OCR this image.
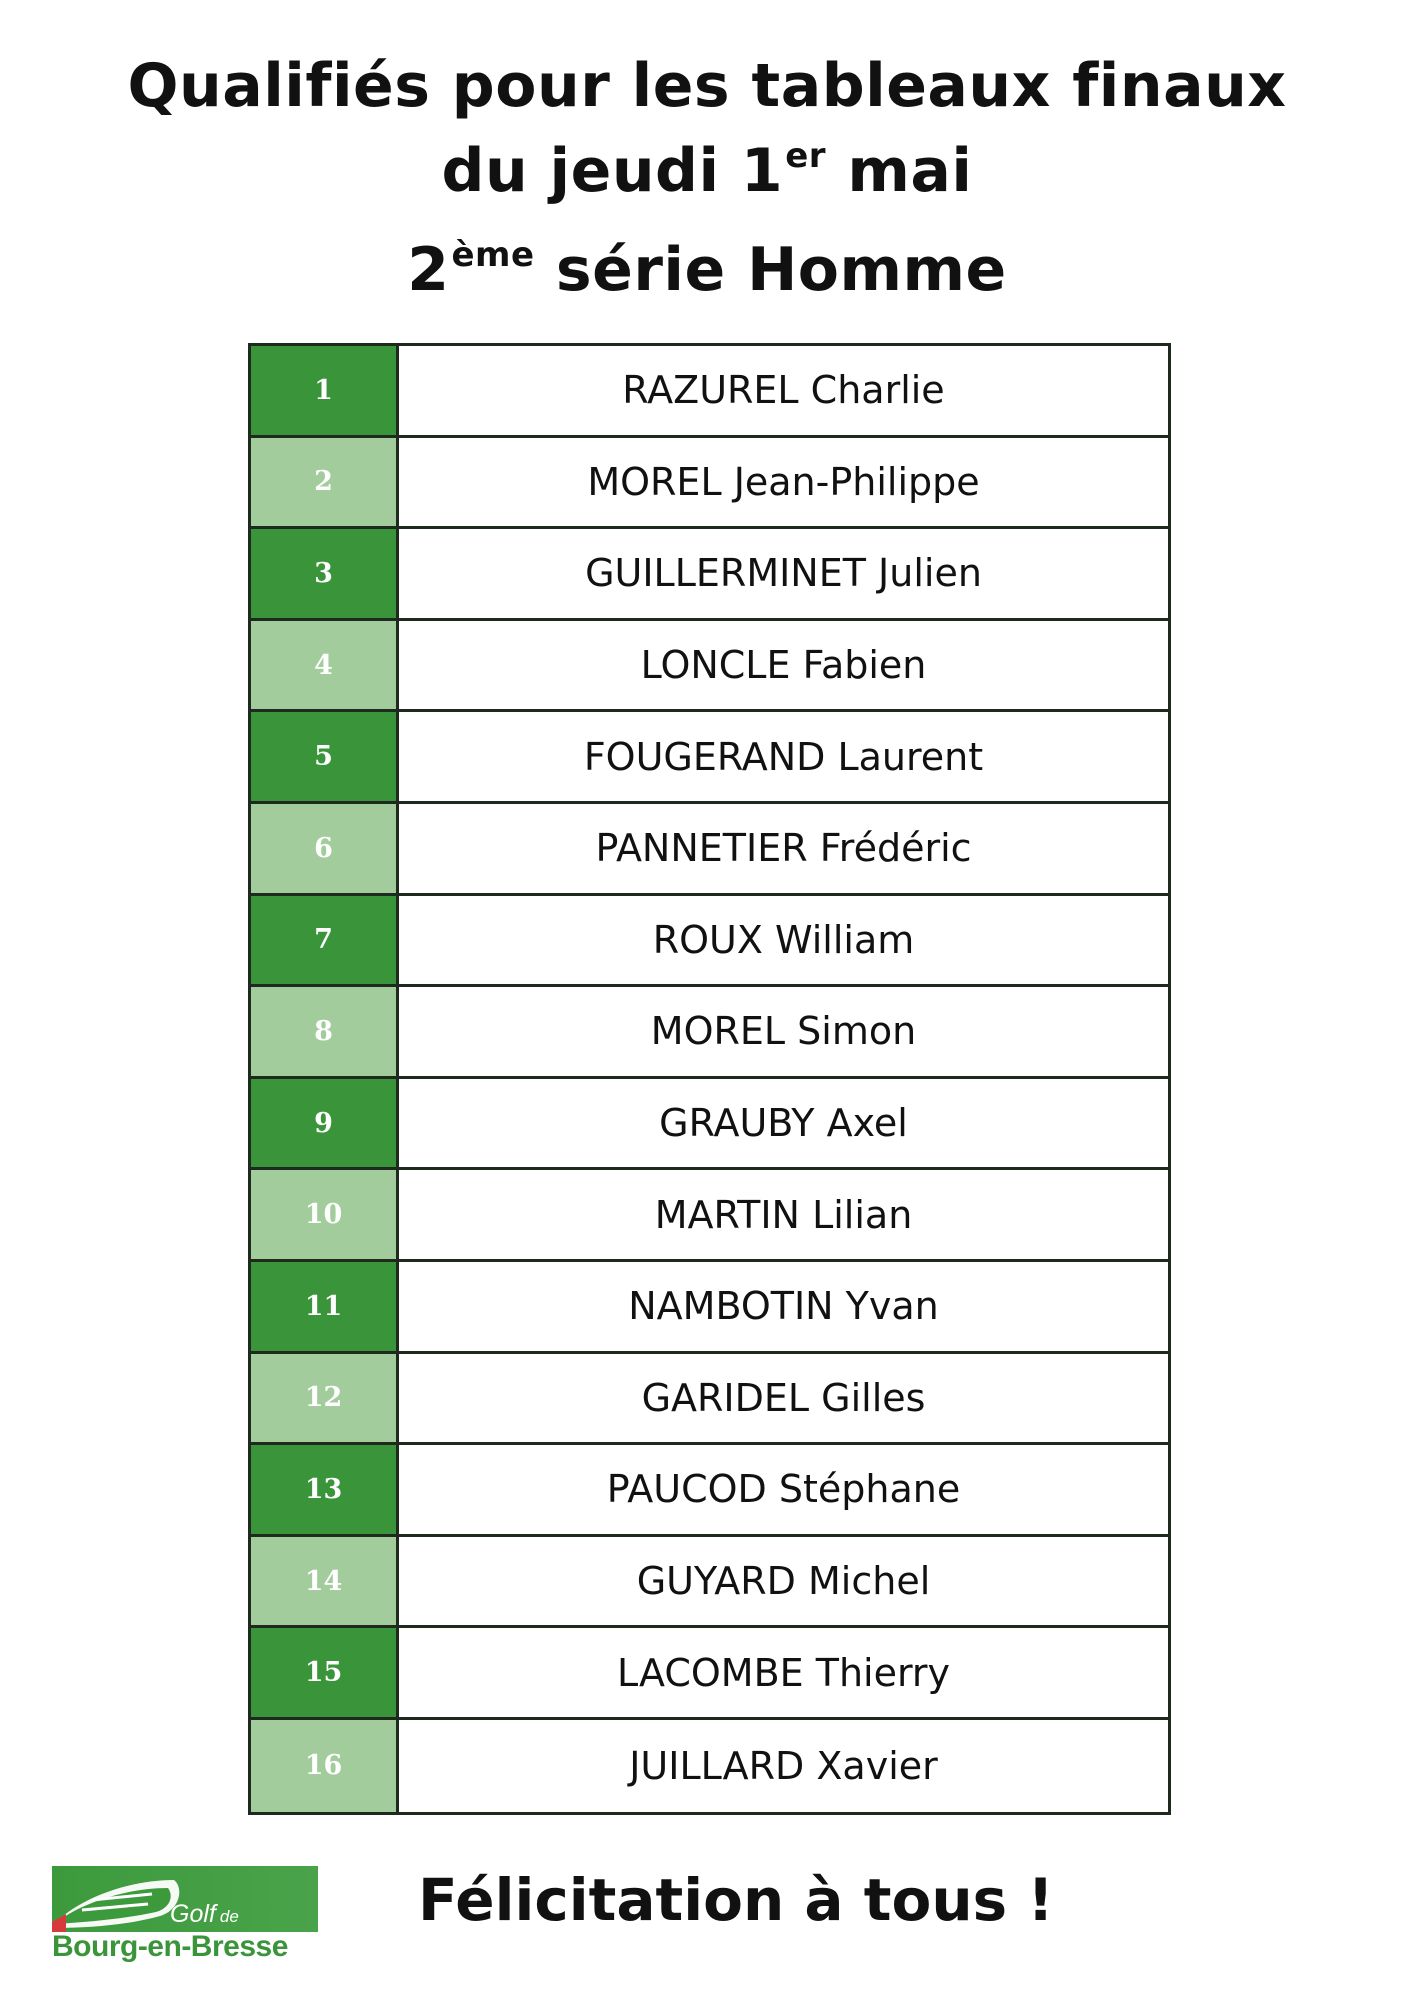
Qualifiés pour les tableaux finaux
du jeudi 1er mai
2ème série Homme
1	RAZUREL Charlie
2	MOREL Jean-Philippe
3	GUILLERMINET Julien
4	LONCLE Fabien
5	FOUGERAND Laurent
6	PANNETIER Frédéric
7	ROUX William
8	MOREL Simon
9	GRAUBY Axel
10	MARTIN Lilian
11	NAMBOTIN Yvan
12	GARIDEL Gilles
13	PAUCOD Stéphane
14	GUYARD Michel
15	LACOMBE Thierry
16	JUILLARD Xavier
Golf de
Bourg-en-Bresse
Félicitation à tous !
